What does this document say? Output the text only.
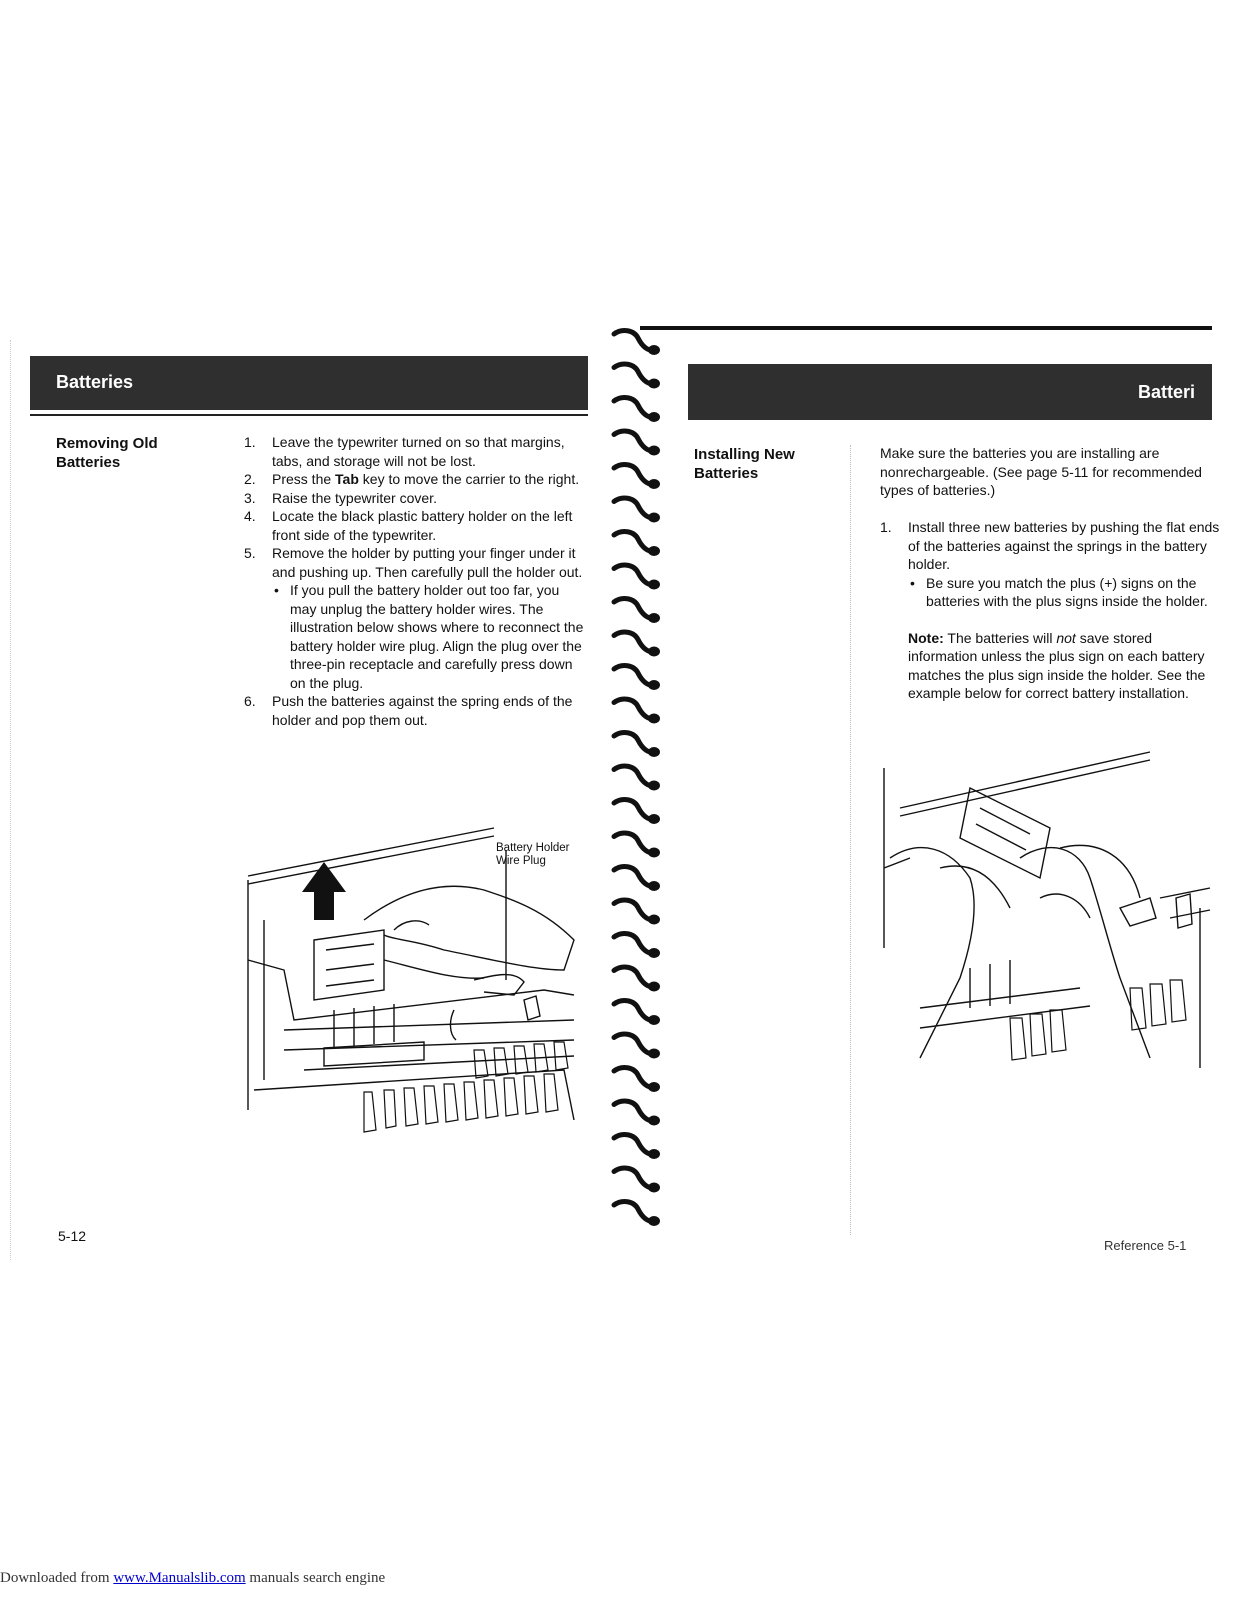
Batteries
Removing Old Batteries
1. Leave the typewriter turned on so that margins, tabs, and storage will not be lost.
2. Press the Tab key to move the carrier to the right.
3. Raise the typewriter cover.
4. Locate the black plastic battery holder on the left front side of the typewriter.
5. Remove the holder by putting your finger under it and pushing up. Then carefully pull the holder out.
• If you pull the battery holder out too far, you may unplug the battery holder wires. The illustration below shows where to reconnect the battery holder wire plug. Align the plug over the three-pin receptacle and carefully press down on the plug.
6. Push the batteries against the spring ends of the holder and pop them out.
Battery Holder Wire Plug
5-12
Batteri
Installing New Batteries
Make sure the batteries you are installing are nonrechargeable. (See page 5-11 for recommended types of batteries.)
1. Install three new batteries by pushing the flat ends of the batteries against the springs in the battery holder.
• Be sure you match the plus (+) signs on the batteries with the plus signs inside the holder.
Note: The batteries will not save stored information unless the plus sign on each battery matches the plus sign inside the holder. See the example below for correct battery installation.
Reference 5-1
Downloaded from www.Manualslib.com manuals search engine
